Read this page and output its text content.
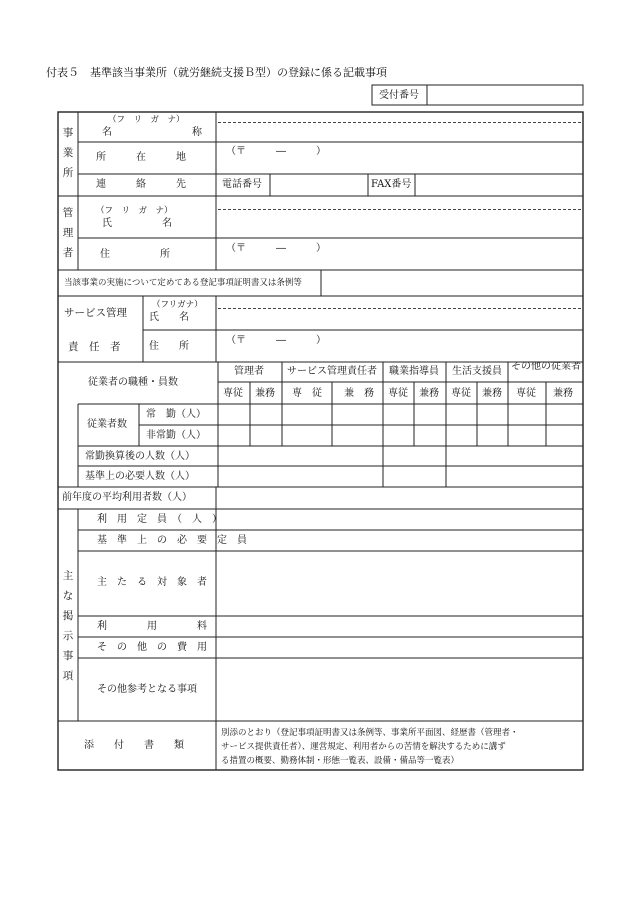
付表５　基準該当事業所（就労継続支援Ｂ型）の登録に係る記載事項
受付番号
事
業
所
（フ　リ　ガ　ナ）
名　　　　　　　　称
所　　　在　　　地
（〒　　　―　　　）
連　　　絡　　　先	電話番号	FAX番号
管
理
者
（フ　リ　ガ　ナ）
氏　　　　　名
住　　　　　所
（〒　　　―　　　）
当該事業の実施について定めてある登記事項証明書又は条例等
サービス管理
責　任　者
（フリガナ）
氏　　名
住　　所
（〒　　　―　　　）
従業者の職種・員数
管理者 サービス管理責任者 職業指導員 生活支援員 その他の従業者
専従 兼務 専　従 兼　務 専従 兼務 専従 兼務 専従 兼務
従業者数
常　勤（人）
非常勤（人）
常勤換算後の人数（人）
基準上の必要人数（人）
前年度の平均利用者数（人）
主
な
掲
示
事
項
利　用　定　員　（　人　）
基　準　上　の　必　要　定　員
主　た　る　対　象　者
利　　　　用　　　　料
そ　の　他　の　費　用
その他参考となる事項
添　　付　　書　　類
別添のとおり（登記事項証明書又は条例等、事業所平面図、経歴書（管理者・
サービス提供責任者）、運営規定、利用者からの苦情を解決するために講ず
る措置の概要、勤務体制・形態一覧表、設備・備品等一覧表）
